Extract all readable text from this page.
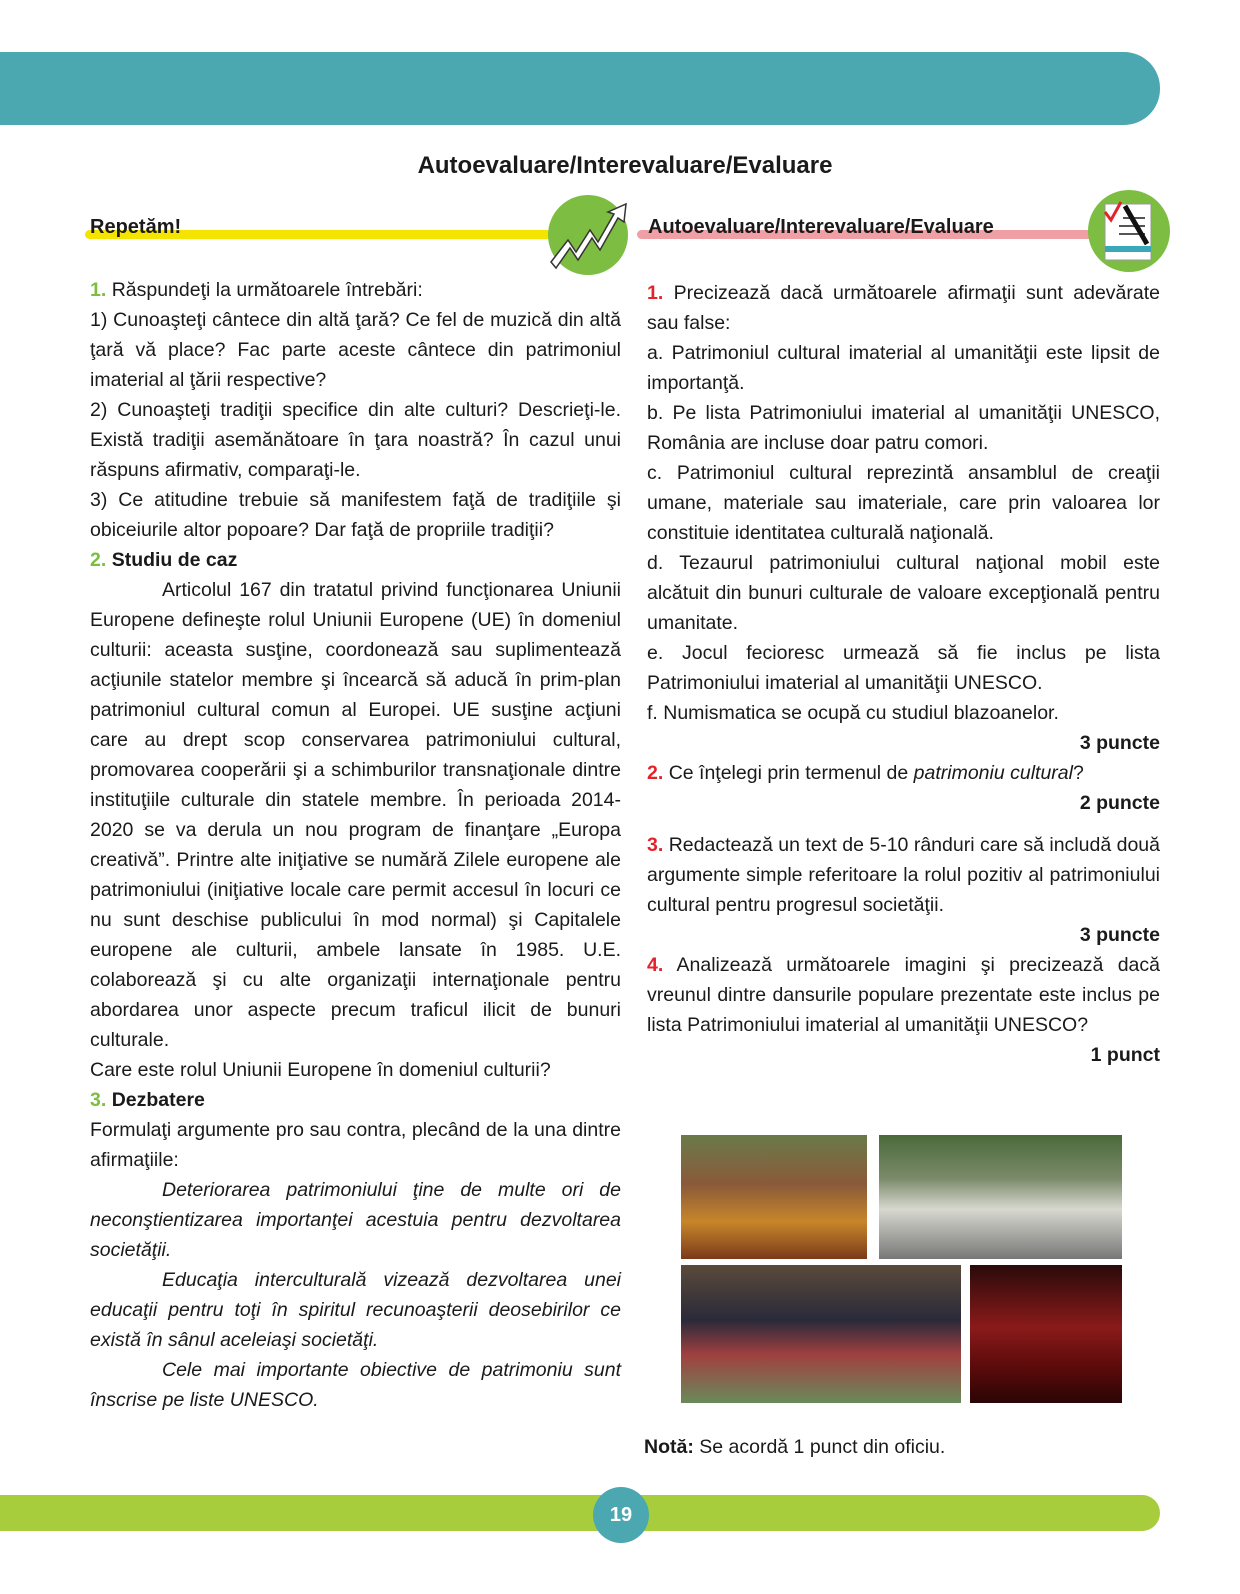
Autoevaluare/Interevaluare/Evaluare
Repetăm!	Autoevaluare/Interevaluare/Evaluare

1. Răspundeţi la următoarele întrebări:

1) Cunoaşteţi cântece din altă ţară? Ce fel de muzică din altă ţară vă place? Fac parte aceste cântece din patrimoniul imaterial al ţării respective?

2) Cunoaşteţi tradiţii specifice din alte culturi? Descrieţi-le. Există tradiţii asemănătoare în ţara noastră? În cazul unui răspuns afirmativ, comparaţi-le.

3) Ce atitudine trebuie să manifestem faţă de tradiţiile şi obiceiurile altor popoare? Dar faţă de propriile tradiţii?

2. Studiu de caz

Articolul 167 din tratatul privind funcţionarea Uniunii Europene defineşte rolul Uniunii Europene (UE) în domeniul culturii: aceasta susţine, coordonează sau suplimentează acţiunile statelor membre şi încearcă să aducă în prim-plan patrimoniul cultural comun al Europei. UE susţine acţiuni care au drept scop conservarea patrimoniului cultural, promovarea cooperării şi a schimburilor transnaţionale dintre instituţiile culturale din statele membre. În perioada 2014-2020 se va derula un nou program de finanţare „Europa creativă”. Printre alte iniţiative se numără Zilele europene ale patrimoniului (iniţiative locale care permit accesul în locuri ce nu sunt deschise publicului în mod normal) şi Capitalele europene ale culturii, ambele lansate în 1985. U.E. colaborează şi cu alte organizaţii internaţionale pentru abordarea unor aspecte precum traficul ilicit de bunuri culturale.

Care este rolul Uniunii Europene în domeniul culturii?

3. Dezbatere

Formulaţi argumente pro sau contra, plecând de la una dintre afirmaţiile:

Deteriorarea patrimoniului ţine de multe ori de neconştientizarea importanţei acestuia pentru dezvoltarea societăţii.

Educaţia interculturală vizează dezvoltarea unei educaţii pentru toţi în spiritul recunoaşterii deosebirilor ce există în sânul aceleiaşi societăţi.

Cele mai importante obiective de patrimoniu sunt înscrise pe liste UNESCO.

1. Precizează dacă următoarele afirmaţii sunt adevărate sau false:

a. Patrimoniul cultural imaterial al umanităţii este lipsit de importanţă.

b. Pe lista Patrimoniului imaterial al umanităţii UNESCO, România are incluse doar patru comori.

c. Patrimoniul cultural reprezintă ansamblul de creaţii umane, materiale sau imateriale, care prin valoarea lor constituie identitatea culturală naţională.

d. Tezaurul patrimoniului cultural naţional mobil este alcătuit din bunuri culturale de valoare excepţională pentru umanitate.

e. Jocul fecioresc urmează să fie inclus pe lista Patrimoniului imaterial al umanităţii UNESCO.

f. Numismatica se ocupă cu studiul blazoanelor.

3 puncte

2. Ce înţelegi prin termenul de patrimoniu cultural?

2 puncte

3. Redactează un text de 5-10 rânduri care să includă două argumente simple referitoare la rolul pozitiv al patrimoniului cultural pentru progresul societăţii.

3 puncte

4. Analizează următoarele imagini şi precizează dacă vreunul dintre dansurile populare prezentate este inclus pe lista Patrimoniului imaterial al umanităţii UNESCO?

1 punct

Notă: Se acordă 1 punct din oficiu.
19
